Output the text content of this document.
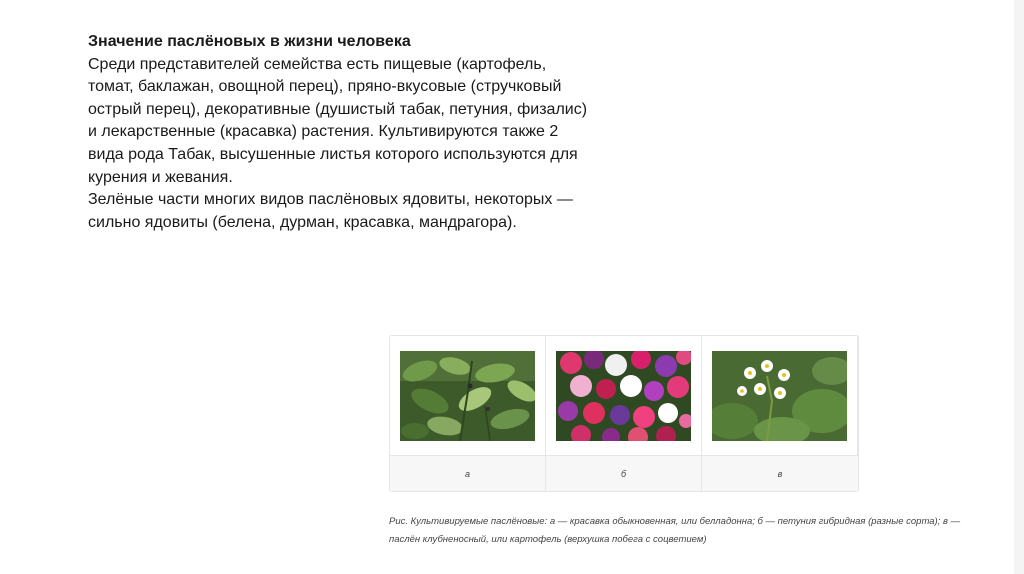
Значение паслёновых в жизни человека

Среди представителей семейства есть пищевые (картофель, томат, баклажан, овощной перец), пряно-вкусовые (стручковый острый перец), декоративные (душистый табак, петуния, физалис) и лекарственные (красавка) растения. Культивируются также 2 вида рода Табак, высушенные листья которого используются для курения и жевания.

Зелёные части многих видов паслёновых ядовиты, некоторых — сильно ядовиты (белена, дурман, красавка, мандрагора).

а	б	в
Рис. Культивируемые паслёновые: а — красавка обыкновенная, или белладонна; б — петуния гибридная (разные сорта); в — паслён клубненосный, или картофель (верхушка побега с соцветием)
